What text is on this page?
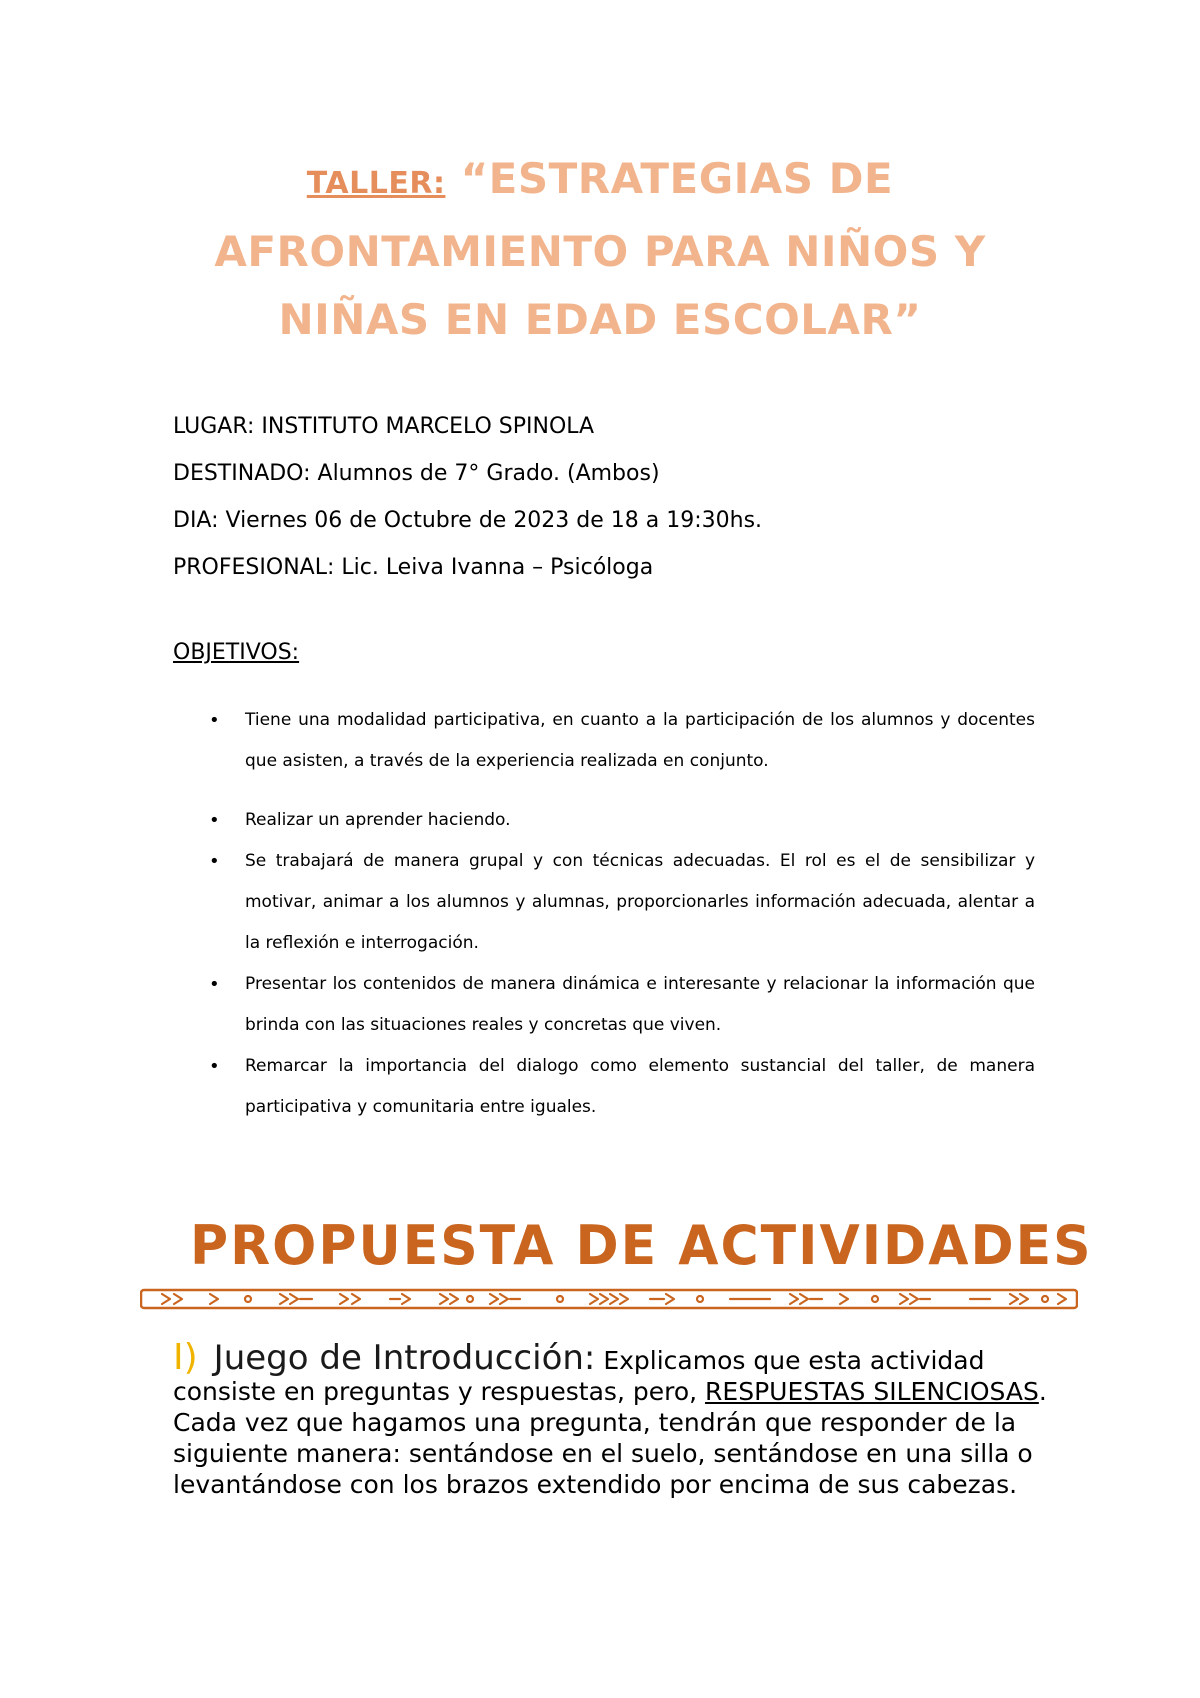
TALLER: “ESTRATEGIAS DE
AFRONTAMIENTO PARA NIÑOS Y
NIÑAS EN EDAD ESCOLAR”

LUGAR: INSTITUTO MARCELO SPINOLA

DESTINADO: Alumnos de 7° Grado. (Ambos)

DIA: Viernes 06 de Octubre de 2023 de 18 a 19:30hs.

PROFESIONAL: Lic. Leiva Ivanna – Psicóloga

OBJETIVOS:

• Tiene una modalidad participativa, en cuanto a la participación de los alumnos y docentes que asisten, a través de la experiencia realizada en conjunto.
• Realizar un aprender haciendo.
• Se trabajará de manera grupal y con técnicas adecuadas. El rol es el de sensibilizar y motivar, animar a los alumnos y alumnas, proporcionarles información adecuada, alentar a la reflexión e interrogación.
• Presentar los contenidos de manera dinámica e interesante y relacionar la información que brinda con las situaciones reales y concretas que viven.
• Remarcar la importancia del dialogo como elemento sustancial del taller, de manera participativa y comunitaria entre iguales.
PROPUESTA DE ACTIVIDADES
I) Juego de Introducción: Explicamos que esta actividad consiste en preguntas y respuestas, pero, RESPUESTAS SILENCIOSAS. Cada vez que hagamos una pregunta, tendrán que responder de la siguiente manera: sentándose en el suelo, sentándose en una silla o levantándose con los brazos extendido por encima de sus cabezas.
